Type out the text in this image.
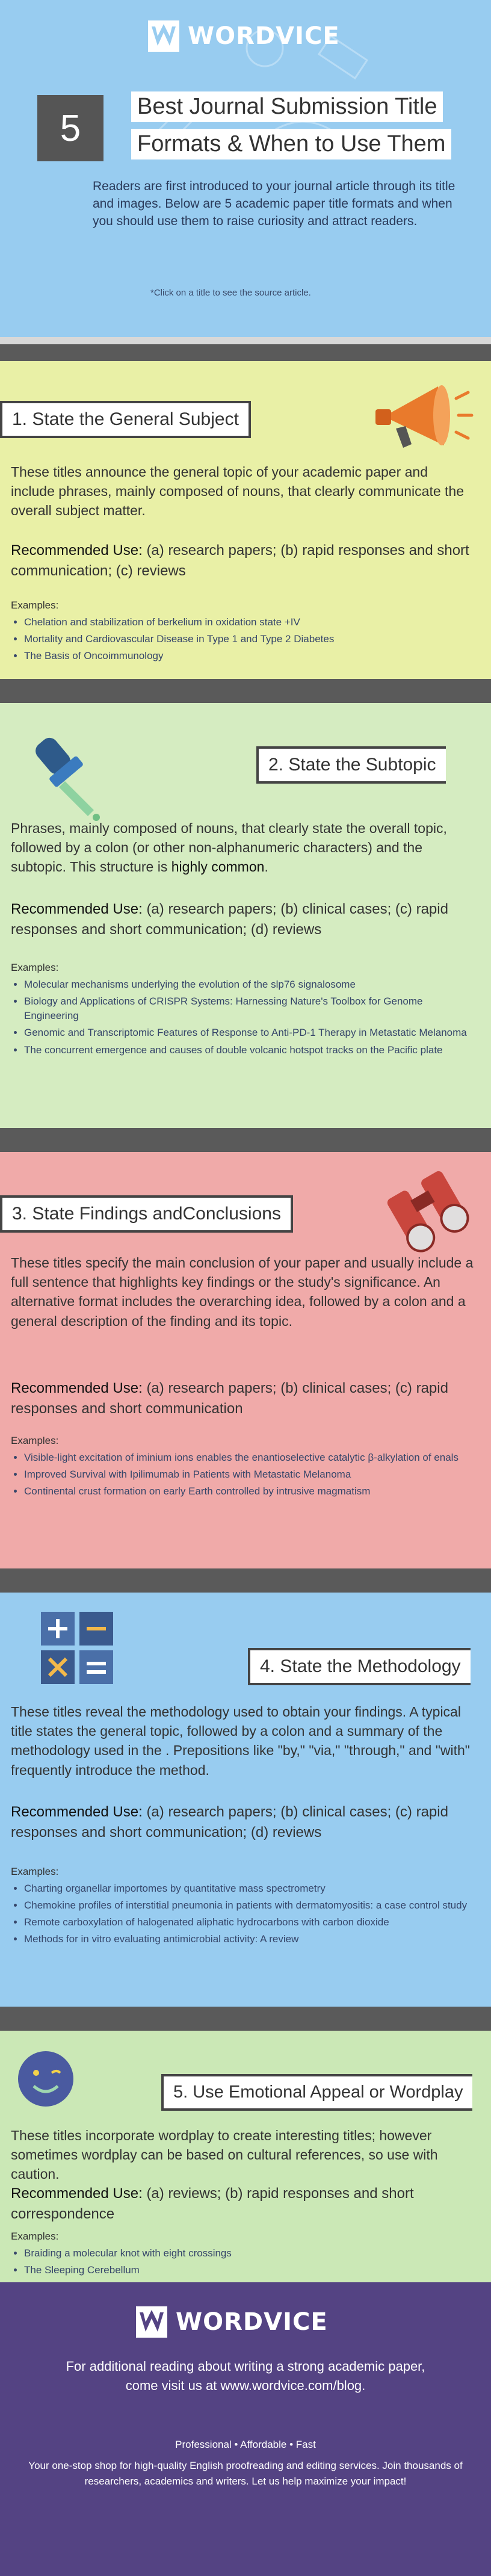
WORDVICE
5
Best Journal Submission Title
Formats & When to Use Them
Readers are first introduced to your journal article through its title and images. Below are 5 academic paper title formats and when you should use them to raise curiosity and attract readers.
*Click on a title to see the source article.
1. State the General Subject
These titles announce the general topic of your academic paper and include phrases, mainly composed of nouns, that clearly communicate the overall subject matter.
Recommended Use: (a) research papers; (b) rapid responses and short communication; (c) reviews
Examples:
• Chelation and stabilization of berkelium in oxidation state +IV
• Mortality and Cardiovascular Disease in Type 1 and Type 2 Diabetes
• The Basis of Oncoimmunology
2. State the Subtopic
Phrases, mainly composed of nouns, that clearly state the overall topic, followed by a colon (or other non-alphanumeric characters) and the subtopic. This structure is highly common.
Recommended Use: (a) research papers; (b) clinical cases; (c) rapid responses and short communication; (d) reviews
Examples:
• Molecular mechanisms underlying the evolution of the slp76 signalosome
• Biology and Applications of CRISPR Systems: Harnessing Nature's Toolbox for Genome Engineering
• Genomic and Transcriptomic Features of Response to Anti-PD-1 Therapy in Metastatic Melanoma
• The concurrent emergence and causes of double volcanic hotspot tracks on the Pacific plate
3. State Findings andConclusions
These titles specify the main conclusion of your paper and usually include a full sentence that highlights key findings or the study's significance. An alternative format includes the overarching idea, followed by a colon and a general description of the finding and its topic.
Recommended Use: (a) research papers; (b) clinical cases; (c) rapid responses and short communication
Examples:
• Visible-light excitation of iminium ions enables the enantioselective catalytic β-alkylation of enals
• Improved Survival with Ipilimumab in Patients with Metastatic Melanoma
• Continental crust formation on early Earth controlled by intrusive magmatism
4. State the Methodology
These titles reveal the methodology used to obtain your findings. A typical title states the general topic, followed by a colon and a summary of the methodology used in the . Prepositions like "by," "via," "through," and "with" frequently introduce the method.
Recommended Use: (a) research papers; (b) clinical cases; (c) rapid responses and short communication; (d) reviews
Examples:
• Charting organellar importomes by quantitative mass spectrometry
• Chemokine profiles of interstitial pneumonia in patients with dermatomyositis: a case control study
• Remote carboxylation of halogenated aliphatic hydrocarbons with carbon dioxide
• Methods for in vitro evaluating antimicrobial activity: A review
5. Use Emotional Appeal or Wordplay
These titles incorporate wordplay to create interesting titles; however sometimes wordplay can be based on cultural references, so use with caution.
Recommended Use: (a) reviews; (b) rapid responses and short correspondence
Examples:
• Braiding a molecular knot with eight crossings
• The Sleeping Cerebellum
WORDVICE
For additional reading about writing a strong academic paper, come visit us at www.wordvice.com/blog.
Professional • Affordable • Fast
Your one-stop shop for high-quality English proofreading and editing services. Join thousands of researchers, academics and writers. Let us help maximize your impact!
